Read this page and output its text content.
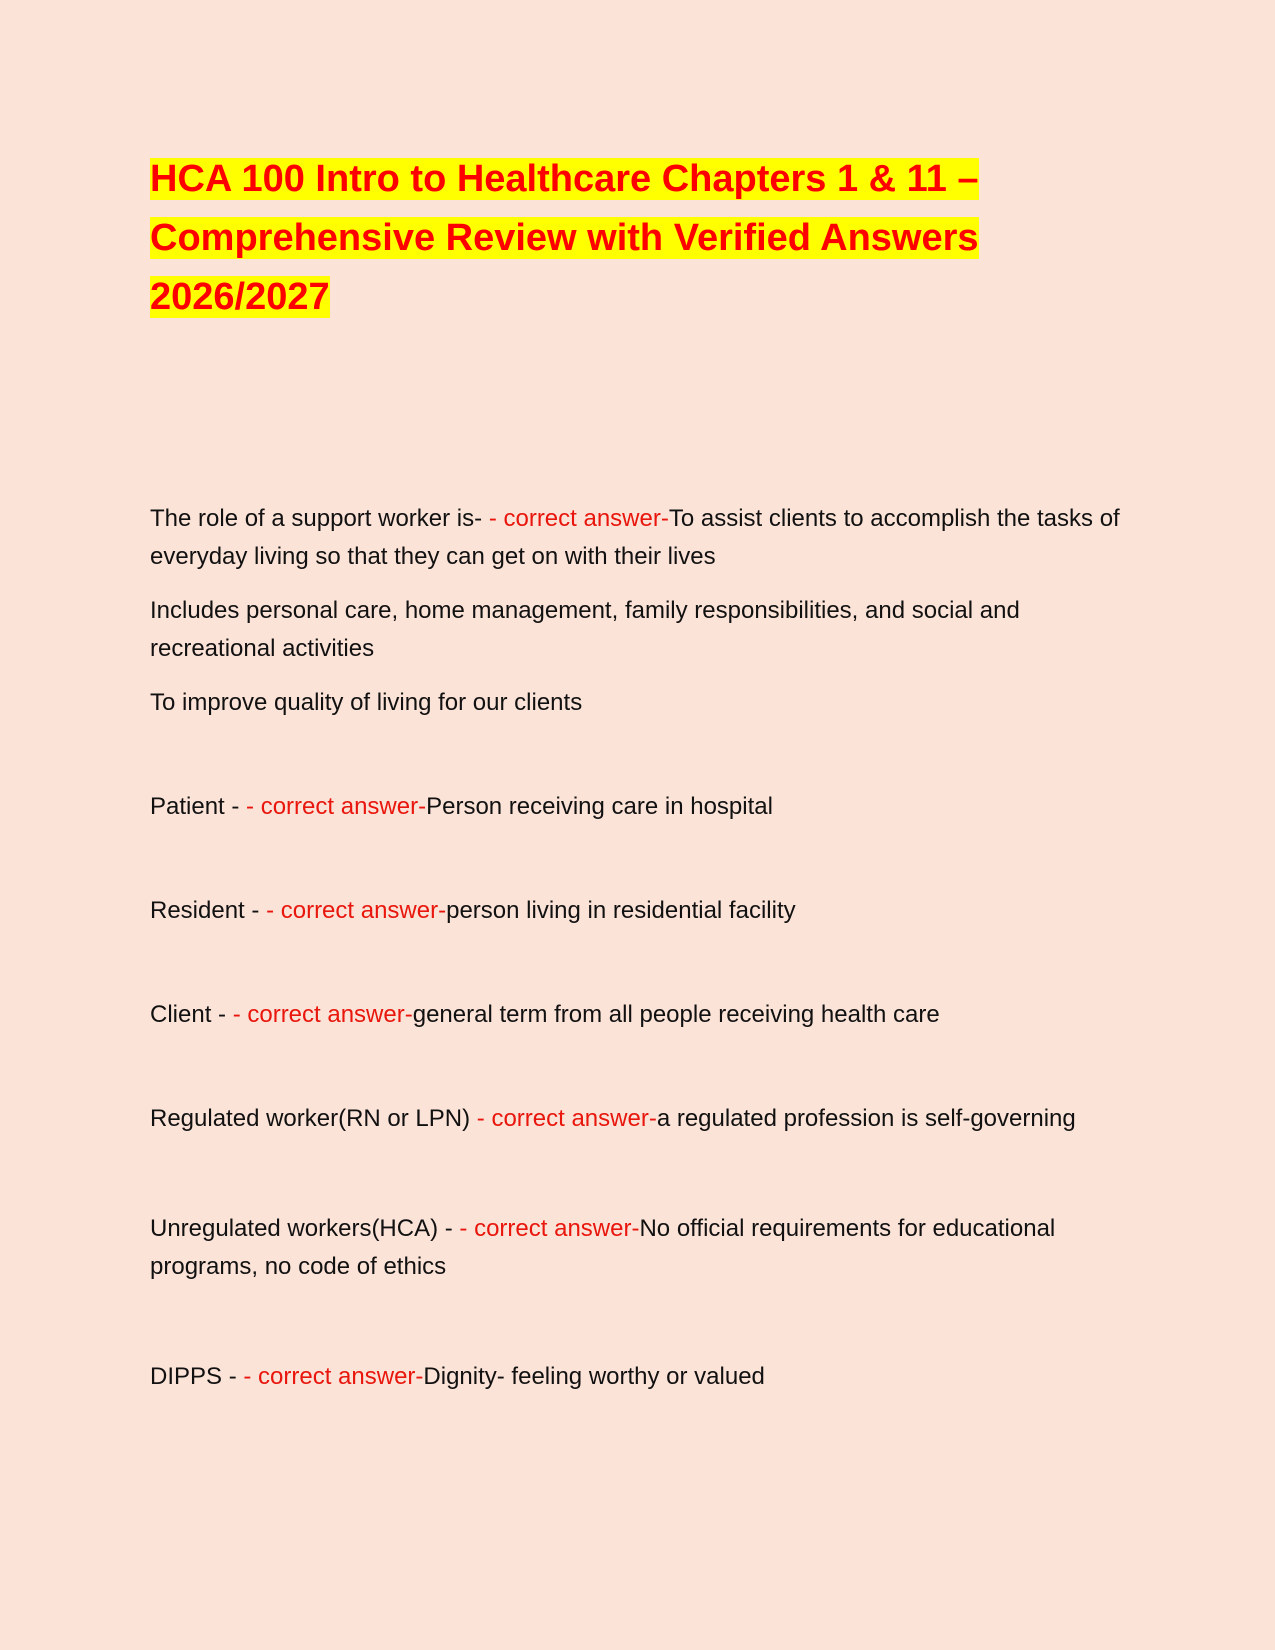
HCA 100 Intro to Healthcare Chapters 1 & 11 –
Comprehensive Review with Verified Answers
2026/2027

The role of a support worker is- - correct answer-To assist clients to accomplish the tasks of everyday living so that they can get on with their lives

Includes personal care, home management, family responsibilities, and social and recreational activities

To improve quality of living for our clients

Patient - - correct answer-Person receiving care in hospital

Resident - - correct answer-person living in residential facility

Client - - correct answer-general term from all people receiving health care

Regulated worker(RN or LPN) - correct answer-a regulated profession is self-governing

Unregulated workers(HCA) - - correct answer-No official requirements for educational programs, no code of ethics

DIPPS - - correct answer-Dignity- feeling worthy or valued
